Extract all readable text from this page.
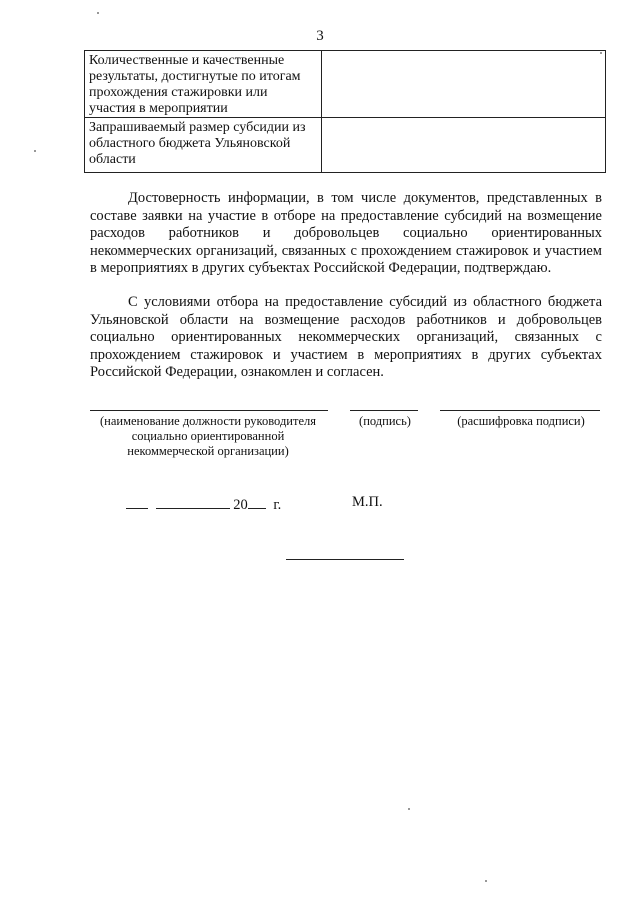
3
Количественные и качественные результаты, достигнутые по итогам прохождения стажировки или участия в мероприятии	
Запрашиваемый размер субсидии из областного бюджета Ульяновской области	

Достоверность информации, в том числе документов, представленных в составе заявки на участие в отборе на предоставление субсидий на возмещение расходов работников и добровольцев социально ориентированных некоммерческих организаций, связанных с прохождением стажировок и участием в мероприятиях в других субъектах Российской Федерации, подтверждаю.

С условиями отбора на предоставление субсидий из областного бюджета Ульяновской области на возмещение расходов работников и добровольцев социально ориентированных некоммерческих организаций, связанных с прохождением стажировок и участием в мероприятиях в других субъектах Российской Федерации, ознакомлен и согласен.

(наименование должности руководителя социально ориентированной некоммерческой организации)
(подпись)	(расшифровка подписи)
20 г.	М.П.
